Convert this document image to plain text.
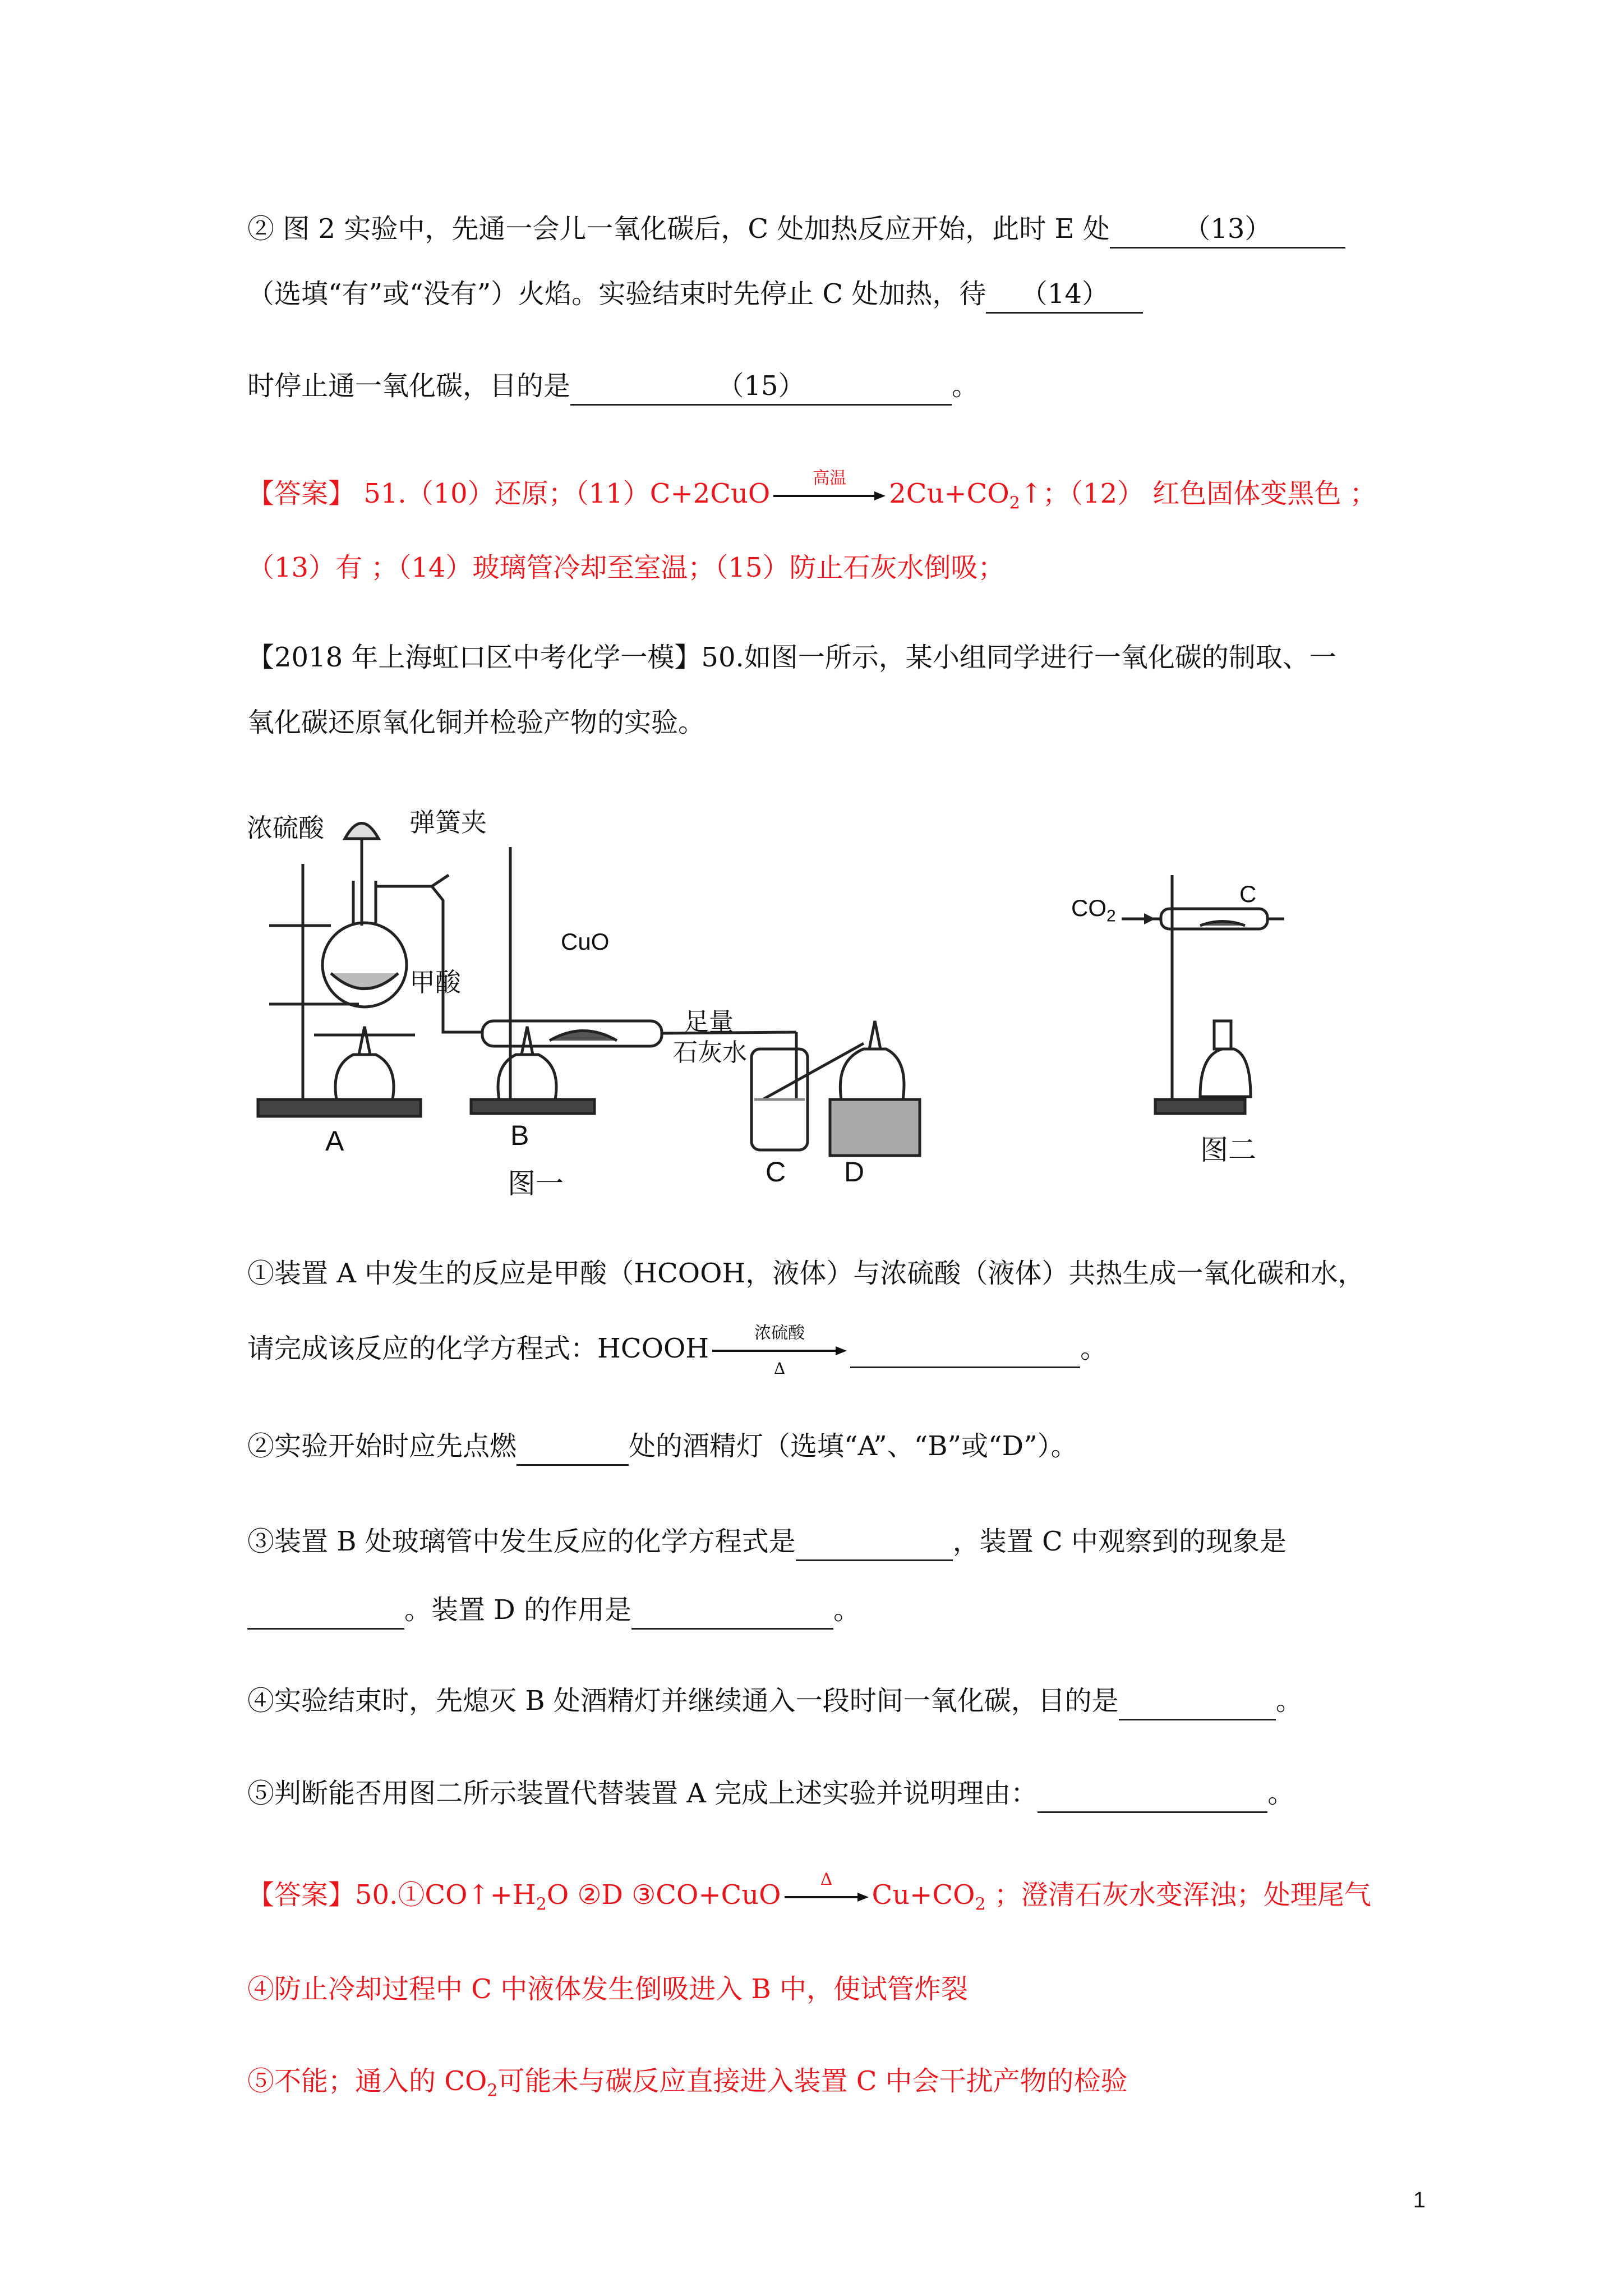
② 图 2 实验中，先通一会儿一氧化碳后，C 处加热反应开始，此时 E 处	（13）
（选填“有”或“没有”）火焰。实验结束时先停止 C 处加热，待 （14）
时停止通一氧化碳，目的是	（15）	。
【答案】 51.（10）还原；（11）C+2CuO	高温	$2Cu+CO_2↑$；（12） 红色固体变黑色 ；
（13）有 ；（14）玻璃管冷却至室温；（15）防止石灰水倒吸；
【2018 年上海虹口区中考化学一模】50.如图一所示，某小组同学进行一氧化碳的制取、一
氧化碳还原氧化铜并检验产物的实验。
浓硫酸	弹簧夹
CuO
甲酸
足量
石灰水
A	B
C D
图一
$CO_2$
C
图二
①装置 A 中发生的反应是甲酸（HCOOH，液体）与浓硫酸（液体）共热生成一氧化碳和水，
请完成该反应的化学方程式：HCOOH	浓硫酸
Δ
。
②实验开始时应先点燃	处的酒精灯（选填“A”、“B”或“D”）。
③装置 B 处玻璃管中发生反应的化学方程式是	，装置 C 中观察到的现象是
。装置 D 的作用是	。
④实验结束时，先熄灭 B 处酒精灯并继续通入一段时间一氧化碳，目的是	。
⑤判断能否用图二所示装置代替装置 A 完成上述实验并说明理由：	。
【答案】$50.①CO↑+H_2O$ ②D ③CO+CuO	Δ	$Cu+CO_2$ ；澄清石灰水变浑浊；处理尾气
④防止冷却过程中 C 中液体发生倒吸进入 B 中，使试管炸裂
⑤不能；通入的 $CO_2$可能未与碳反应直接进入装置 C 中会干扰产物的检验
1
